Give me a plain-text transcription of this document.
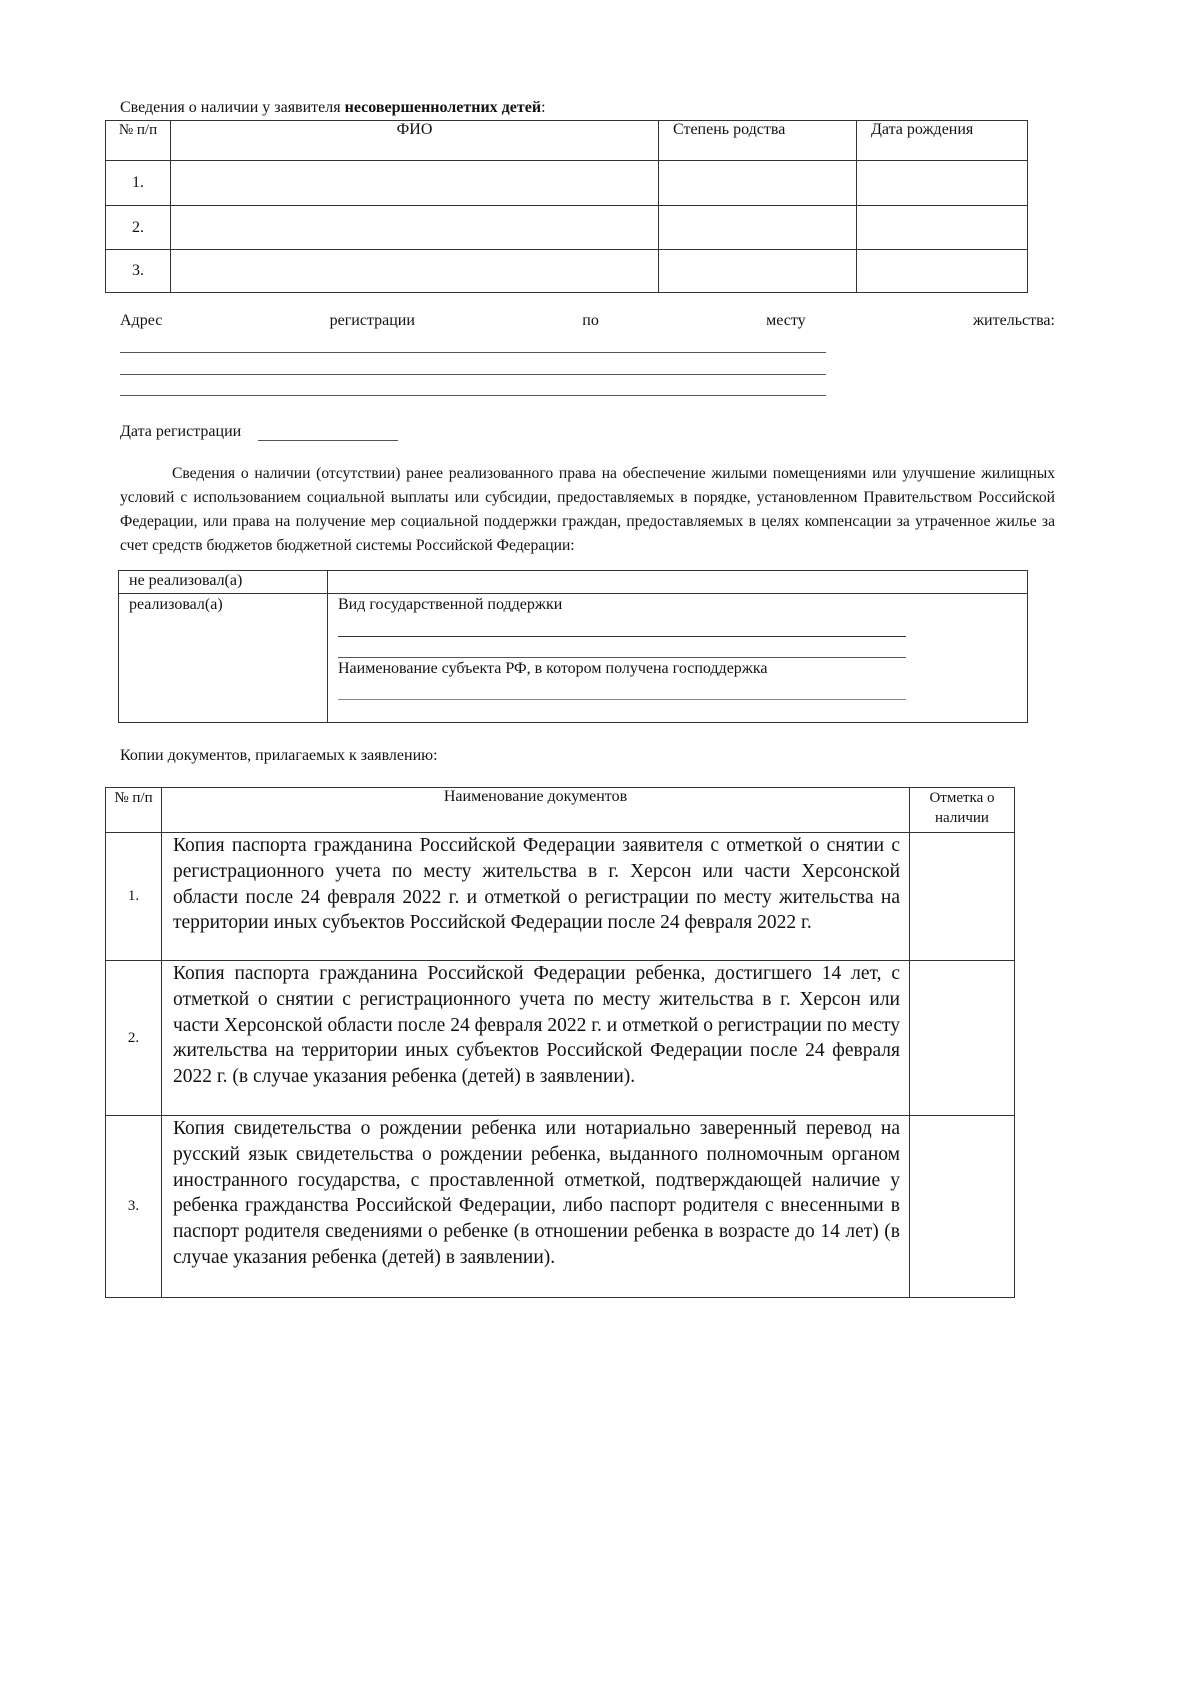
Сведения о наличии у заявителя несовершеннолетних детей:
№ п/п	ФИО	Степень родства	Дата рождения
1.			
2.			
3.			
Адрес	регистрации	по	месту	жительства:
Дата регистрации
Сведения о наличии (отсутствии) ранее реализованного права на обеспечение жилыми помещениями или улучшение жилищных условий с использованием социальной выплаты или субсидии, предоставляемых в порядке, установленном Правительством Российской Федерации, или права на получение мер социальной поддержки граждан, предоставляемых в целях компенсации за утраченное жилье за счет средств бюджетов бюджетной системы Российской Федерации:
не реализовал(а)	
реализовал(а)	Вид государственной поддержки
Наименование субъекта РФ, в котором получена господдержка
Копии документов, прилагаемых к заявлению:
№ п/п	Наименование документов	Отметка о наличии
1.	Копия паспорта гражданина Российской Федерации заявителя с отметкой о снятии с регистрационного учета по месту жительства в г. Херсон или части Херсонской области после 24 февраля 2022 г. и отметкой о регистрации по месту жительства на территории иных субъектов Российской Федерации после 24 февраля 2022 г.	
2.	Копия паспорта гражданина Российской Федерации ребенка, достигшего 14 лет, с отметкой о снятии с регистрационного учета по месту жительства в г. Херсон или части Херсонской области после 24 февраля 2022 г. и отметкой о регистрации по месту жительства на территории иных субъектов Российской Федерации после 24 февраля 2022 г. (в случае указания ребенка (детей) в заявлении).	
3.	Копия свидетельства о рождении ребенка или нотариально заверенный перевод на русский язык свидетельства о рождении ребенка, выданного полномочным органом иностранного государства, с проставленной отметкой, подтверждающей наличие у ребенка гражданства Российской Федерации, либо паспорт родителя с внесенными в паспорт родителя сведениями о ребенке (в отношении ребенка в возрасте до 14 лет) (в случае указания ребенка (детей) в заявлении).	
